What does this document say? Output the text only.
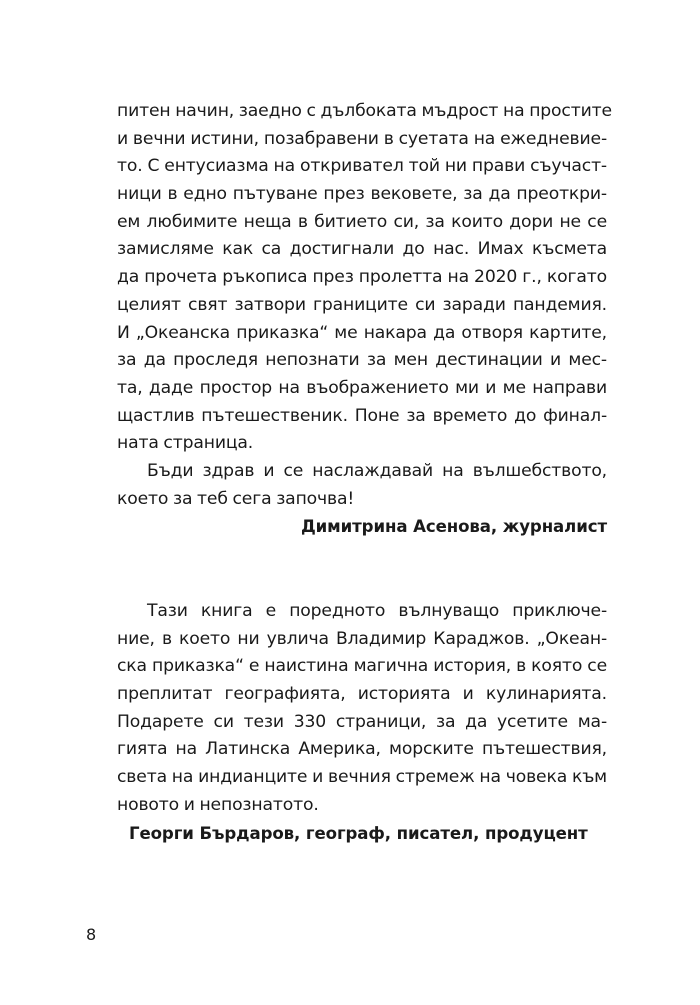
питен начин, заедно с дълбоката мъдрост на простите
и вечни истини, позабравени в суетата на ежедневие-
то. С ентусиазма на откривател той ни прави съучаст-
ници в едно пътуване през вековете, за да преоткри-
ем любимите неща в битието си, за които дори не се
замисляме как са достигнали до нас. Имах късмета
да прочета ръкописа през пролетта на 2020 г., когато
целият свят затвори границите си заради пандемия.
И „Океанска приказка“ ме накара да отворя картите,
за да проследя непознати за мен дестинации и мес-
та, даде простор на въображението ми и ме направи
щастлив пътешественик. Поне за времето до финал-
ната страница.
Бъди здрав и се наслаждавай на вълшебството,
което за теб сега започва!
Димитрина Асенова, журналист
Тази книга е поредното вълнуващо приключе-
ние, в което ни увлича Владимир Караджов. „Океан-
ска приказка“ е наистина магична история, в която се
преплитат географията, историята и кулинарията.
Подарете си тези 330 страници, за да усетите ма-
гията на Латинска Америка, морските пътешествия,
света на индианците и вечния стремеж на човека към
новото и непознатото.
Георги Бърдаров, географ, писател, продуцент
8
